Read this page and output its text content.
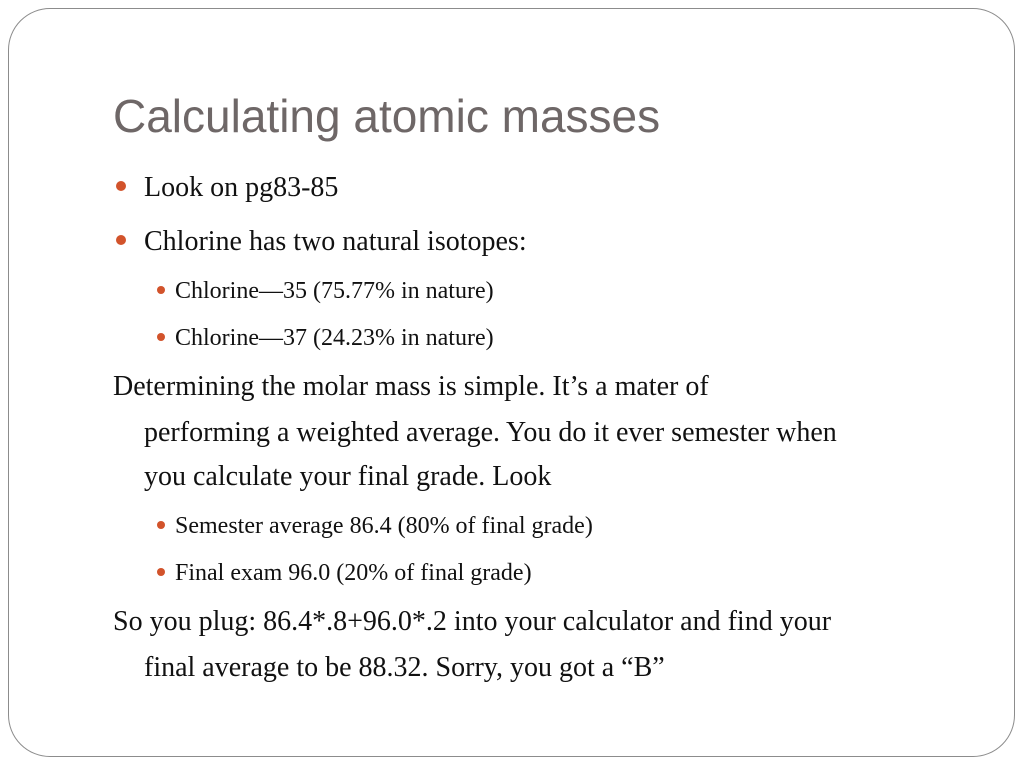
Calculating atomic masses
Look on pg83-85
Chlorine has two natural isotopes:
Chlorine—35 (75.77% in nature)
Chlorine—37 (24.23% in nature)
Determining the molar mass is simple. It’s a mater of
performing a weighted average. You do it ever semester when
you calculate your final grade. Look
Semester average 86.4 (80% of final grade)
Final exam 96.0 (20% of final grade)
So you plug: 86.4*.8+96.0*.2 into your calculator and find your
final average to be 88.32. Sorry, you got a “B”
